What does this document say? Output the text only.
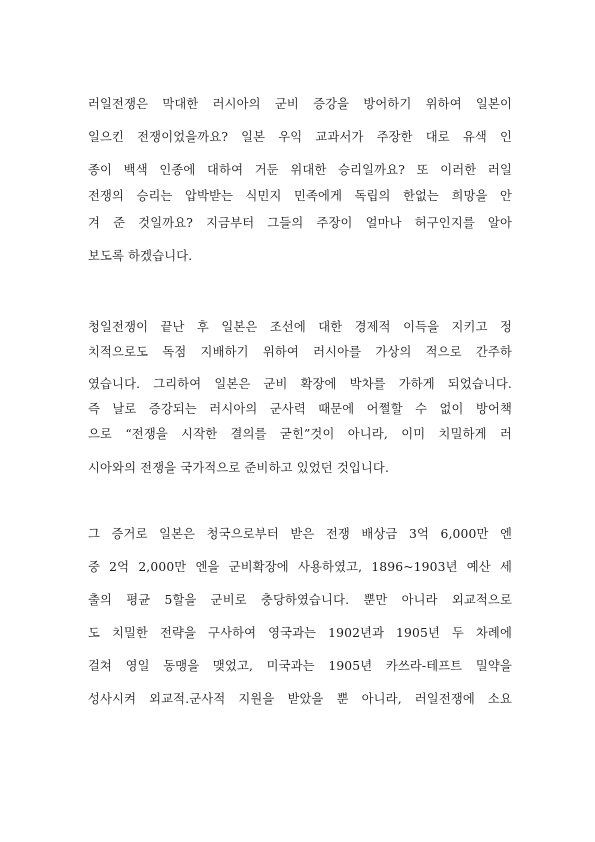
러일전쟁은 막대한 러시아의 군비 증강을 방어하기 위하여 일본이
일으킨 전쟁이었을까요? 일본 우익 교과서가 주장한 대로 유색 인
종이 백색 인종에 대하여 거둔 위대한 승리일까요? 또 이러한 러일
전쟁의 승리는 압박받는 식민지 민족에게 독립의 한없는 희망을 안
겨 준 것일까요? 지금부터 그들의 주장이 얼마나 허구인지를 알아
보도록 하겠습니다.
청일전쟁이 끝난 후 일본은 조선에 대한 경제적 이득을 지키고 정
치적으로도 독점 지배하기 위하여 러시아를 가상의 적으로 간주하
였습니다. 그리하여 일본은 군비 확장에 박차를 가하게 되었습니다.
즉 날로 증강되는 러시아의 군사력 때문에 어쩔할 수 없이 방어책
으로 “전쟁을 시작한 결의를 굳힌”것이 아니라, 이미 치밀하게 러
시아와의 전쟁을 국가적으로 준비하고 있었던 것입니다.
그 증거로 일본은 청국으로부터 받은 전쟁 배상금 3억 6,000만 엔
중 2억 2,000만 엔을 군비확장에 사용하였고, 1896~1903년 예산 세
출의 평균 5할을 군비로 충당하였습니다. 뿐만 아니라 외교적으로
도 치밀한 전략을 구사하여 영국과는 1902년과 1905년 두 차례에
걸쳐 영일 동맹을 맺었고, 미국과는 1905년 카쓰라-테프트 밀약을
성사시켜 외교적.군사적 지원을 받았을 뿐 아니라, 러일전쟁에 소요
